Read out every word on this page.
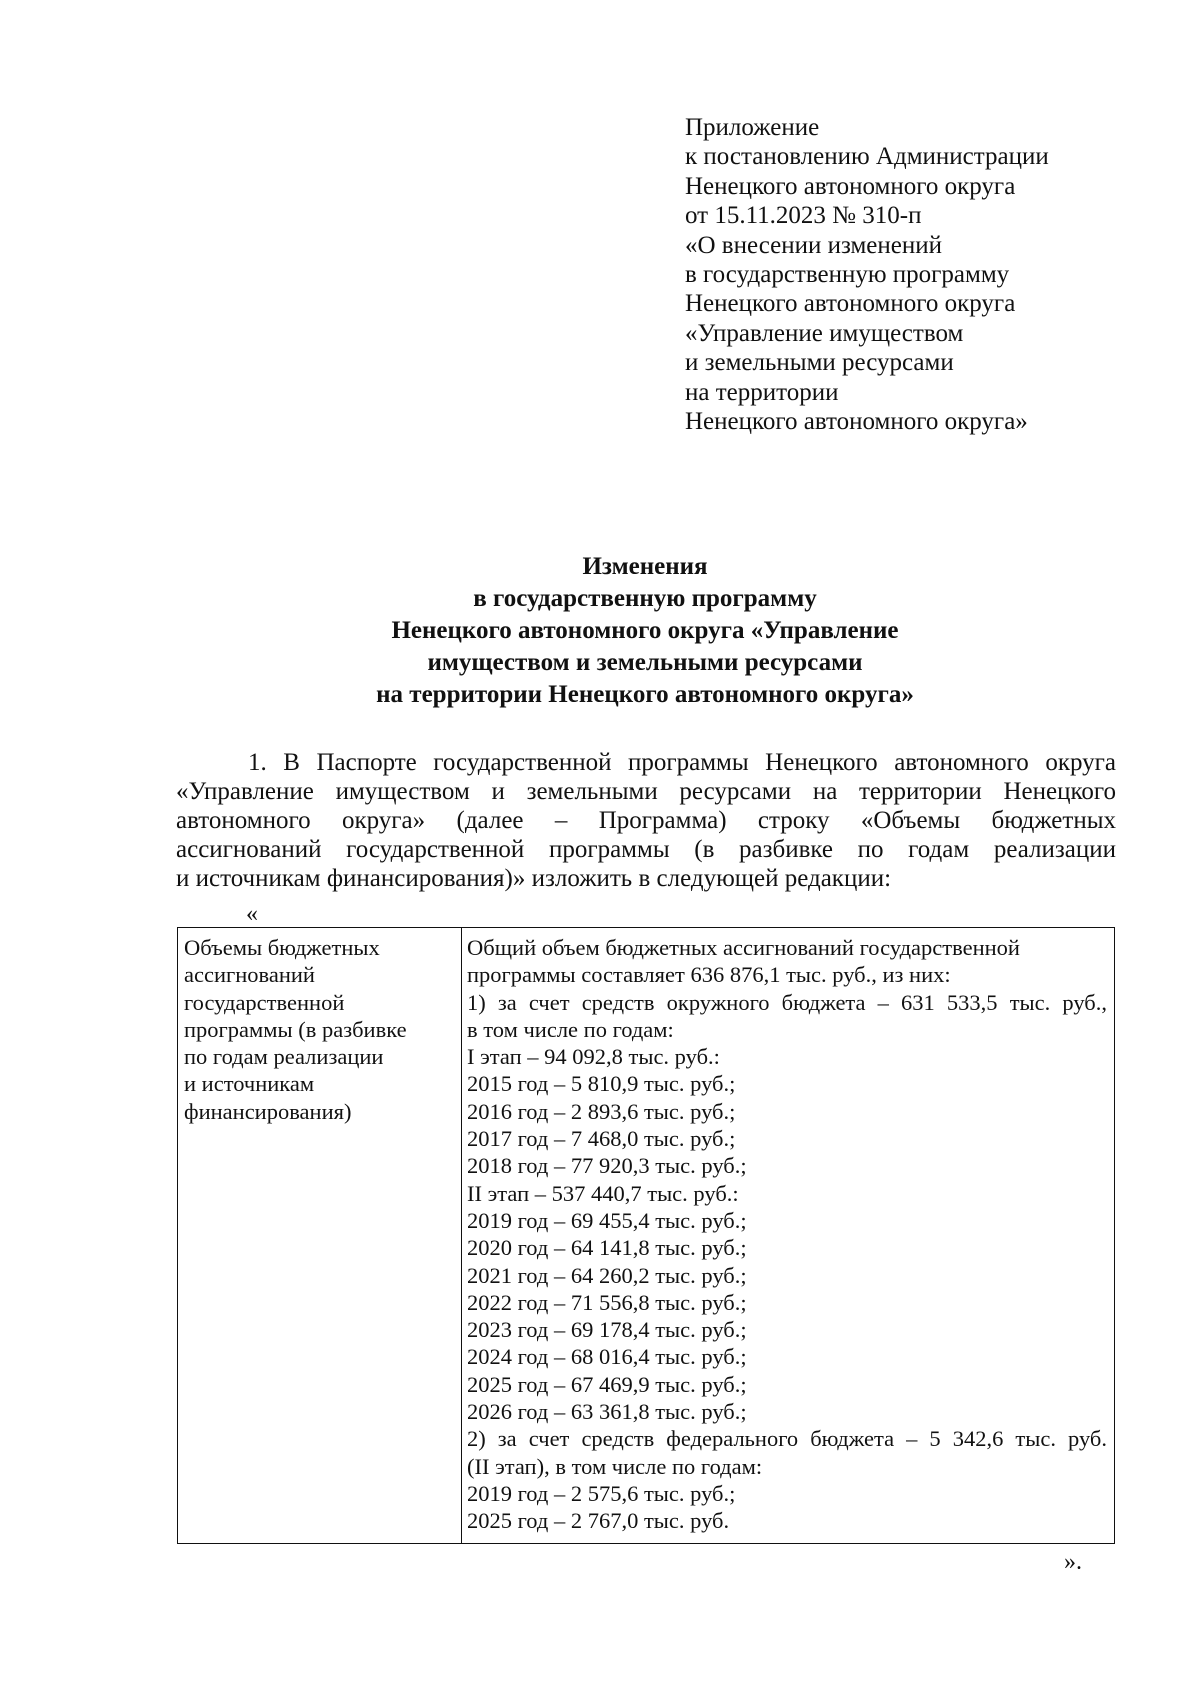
Приложение
к постановлению Администрации
Ненецкого автономного округа
от 15.11.2023 № 310-п
«О внесении изменений
в государственную программу
Ненецкого автономного округа
«Управление имуществом
и земельными ресурсами
на территории
Ненецкого автономного округа»
Изменения
в государственную программу
Ненецкого автономного округа «Управление
имуществом и земельными ресурсами
на территории Ненецкого автономного округа»
1. В Паспорте государственной программы Ненецкого автономного округа
«Управление имуществом и земельными ресурсами на территории Ненецкого
автономного округа» (далее – Программа) строку «Объемы бюджетных
ассигнований государственной программы (в разбивке по годам реализации
и источникам финансирования)» изложить в следующей редакции:
«
Объемы бюджетных
ассигнований
государственной
программы (в разбивке
по годам реализации
и источникам
финансирования)
Общий объем бюджетных ассигнований государственной
программы составляет 636 876,1 тыс. руб., из них:
1) за счет средств окружного бюджета – 631 533,5 тыс. руб.,
в том числе по годам:
I этап – 94 092,8 тыс. руб.:
2015 год – 5 810,9 тыс. руб.;
2016 год – 2 893,6 тыс. руб.;
2017 год – 7 468,0 тыс. руб.;
2018 год – 77 920,3 тыс. руб.;
II этап – 537 440,7 тыс. руб.:
2019 год – 69 455,4 тыс. руб.;
2020 год – 64 141,8 тыс. руб.;
2021 год – 64 260,2 тыс. руб.;
2022 год – 71 556,8 тыс. руб.;
2023 год – 69 178,4 тыс. руб.;
2024 год – 68 016,4 тыс. руб.;
2025 год – 67 469,9 тыс. руб.;
2026 год – 63 361,8 тыс. руб.;
2) за счет средств федерального бюджета – 5 342,6 тыс. руб.
(II этап), в том числе по годам:
2019 год – 2 575,6 тыс. руб.;
2025 год – 2 767,0 тыс. руб.
».
